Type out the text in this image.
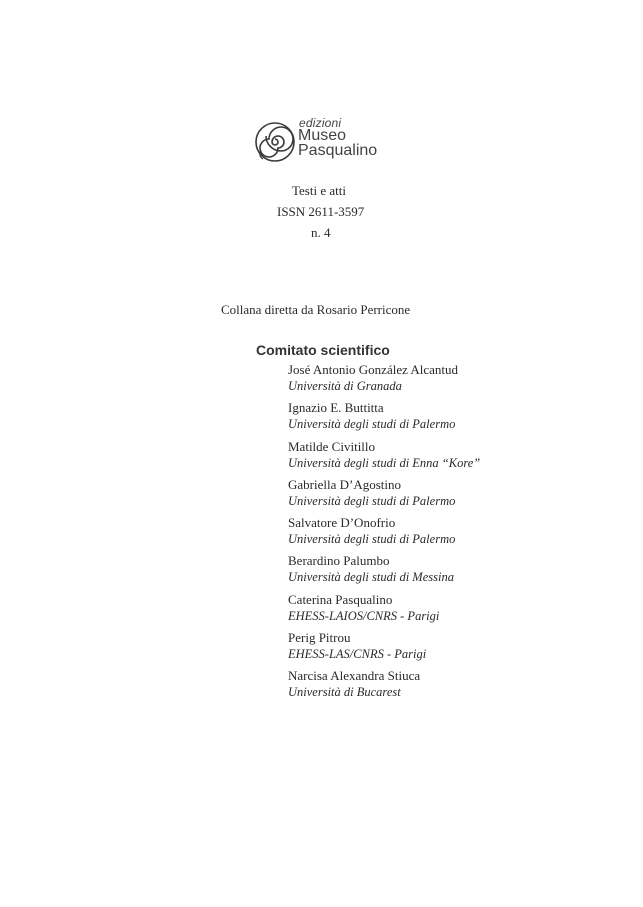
edizioni
Museo
Pasqualino
Testi e atti
ISSN 2611-3597
n. 4
Collana diretta da Rosario Perricone
Comitato scientifico
José Antonio González Alcantud
Università di Granada
Ignazio E. Buttitta
Università degli studi di Palermo
Matilde Civitillo
Università degli studi di Enna “Kore”
Gabriella D’Agostino
Università degli studi di Palermo
Salvatore D’Onofrio
Università degli studi di Palermo
Berardino Palumbo
Università degli studi di Messina
Caterina Pasqualino
EHESS-LAIOS/CNRS - Parigi
Perig Pitrou
EHESS-LAS/CNRS - Parigi
Narcisa Alexandra Stiuca
Università di Bucarest
